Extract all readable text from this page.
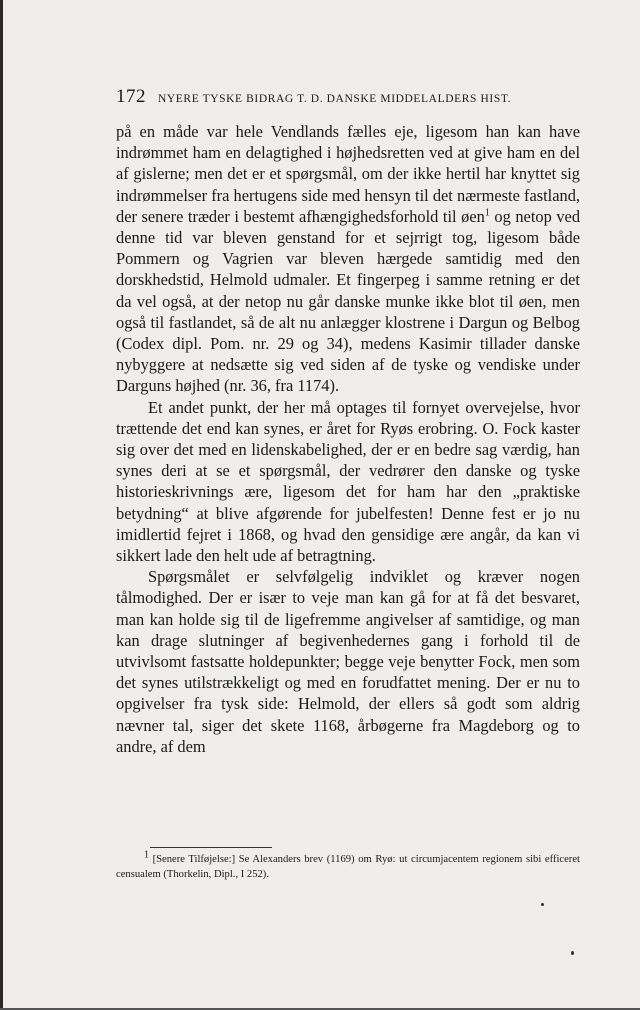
172 NYERE TYSKE BIDRAG T. D. DANSKE MIDDELALDERS HIST.

på en måde var hele Vendlands fælles eje, ligesom han kan have indrømmet ham en delagtighed i højhedsretten ved at give ham en del af gislerne; men det er et spørgsmål, om der ikke hertil har knyttet sig indrømmelser fra hertugens side med hensyn til det nærmeste fastland, der senere træder i bestemt afhængighedsforhold til øen$^1$ og netop ved denne tid var bleven genstand for et sejrrigt tog, ligesom både Pommern og Vagrien var bleven hærgede samtidig med den dorskhedstid, Helmold udmaler. Et fingerpeg i samme retning er det da vel også, at der netop nu går danske munke ikke blot til øen, men også til fastlandet, så de alt nu anlægger klostrene i Dargun og Belbog (Codex dipl. Pom. nr. 29 og 34), medens Kasimir tillader danske nybyggere at nedsætte sig ved siden af de tyske og vendiske under Darguns højhed (nr. 36, fra 1174).

Et andet punkt, der her må optages til fornyet overvejelse, hvor trættende det end kan synes, er året for Ryøs erobring. O. Fock kaster sig over det med en lidenskabelighed, der er en bedre sag værdig, han synes deri at se et spørgsmål, der vedrører den danske og tyske historieskrivnings ære, ligesom det for ham har den „praktiske betydning“ at blive afgørende for jubelfesten! Denne fest er jo nu imidlertid fejret i 1868, og hvad den gensidige ære angår, da kan vi sikkert lade den helt ude af betragtning.

Spørgsmålet er selvfølgelig indviklet og kræver nogen tålmodighed. Der er især to veje man kan gå for at få det besvaret, man kan holde sig til de ligefremme angivelser af samtidige, og man kan drage slutninger af begivenhedernes gang i forhold til de utvivlsomt fastsatte holdepunkter; begge veje benytter Fock, men som det synes utilstrækkeligt og med en forudfattet mening. Der er nu to opgivelser fra tysk side: Helmold, der ellers så godt som aldrig nævner tal, siger det skete 1168, årbøgerne fra Magdeborg og to andre, af dem

$^1$ [Senere Tilføjelse:] Se Alexanders brev (1169) om Ryø: ut circumjacentem regionem sibi efficeret censualem (Thorkelin, Dipl., I 252).
